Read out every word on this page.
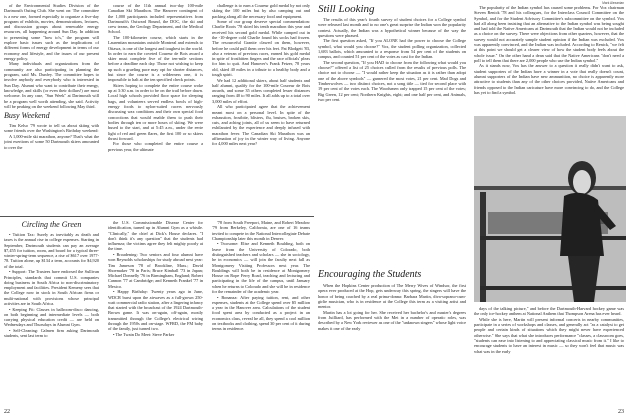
of the Environmental Studies Division of the Dartmouth Outing Club. She went on: The committee is a new one, formed especially to organize a five-day program of exhibits, movies, demonstrations, lectures, and discussion groups about renewable energy resources, all happening around Sun Day. In addition to presenting some "how to's," the program will explore basic issues such as the implications of different forms of energy development in terms of our economy and lifestyle, and the issues of our present energy policy.

Many individuals and organizations from the community are also participating in planning the program, said Ms. Dunfey. The committee hopes to involve anybody and everybody who is interested in Sun Day. Alumni who want to contribute their energy, knowledge, and skills (or even their dollars!) are most welcome. In any case, "Sun Week" at Dartmouth will be a program well worth attending, she said. Activity will be peaking on the weekend following May third.

Busy Weekend

Tim Kelso '79 wrote to tell us about skiing with some friends over the Washington's Birthday weekend:

A 1,000-mile ski marathon, anyone? That's what the joint exertions of some 50 Dartmouth skiers amounted to over the

course of the 11th annual two-day 100-mile Canadian Ski Marathon. The Hanover contingent of the 1,000 participants included representatives from Dartmouth's Outward Bound, the DOC, the ski and crew teams, the Geology Department, and the Medical School.

The 100-kilometer course, which starts in the Laurentian mountains outside Montreal and extends to Ottawa, is one of the longest and toughest in the world. In order to earn the coveted Coureur de Bois award a skier must complete five of the ten-mile sections before a deadline each day. Those not wishing to keep up such a grueling pace may opt for shorter distances, but since the course is a wilderness one, it is impossible to halt at the ten specified check points.

Skiers hoping to complete the entire course woke up at 3:30 a.m. in order to be on the trail before dawn. Local high schools provided floor space for sleeping bags, and volunteers served endless bowls of high-energy foods to nylon-suited racers nervously discussing wax conditions and their own special food concoctions that would enable them to push their bodies through ten or more hours of skiing. We were bused to the start, and at 5:45 a.m., under the eerie light of red and green flares, the first 100 or so skiers thrust forward.

For those who completed the entire course a previous year, the ultimate

challenge is to earn a Coureur gold medal by not only skiing the 100 miles but by also camping out and packing along all the necessary food and equipment.

Some of our group deserve special commendation: Charlie Roots '78 skied his tenth marathon this year and received his second gold medal. While camped out in the -10-degree cold Charlie found his socks had frozen. The resourceful Granite clawed on them, however, before he could pull them over his feet. Pat Blodgett '83, also a veteran of previous races, earned his gold medal in spite of frostbitten fingers and the race officials' pleas for him to quit. And Hanover's Frank Fetzer, 78 years old, skied 40 miles in a tribute to a healthy body and a tough spirit.

We had 12 additional skiers, about half students and half alumni, qualify for the 100-mile Coureur de Bois awards, and some 35 others completed lesser distances ranging from 40 to 90 miles. It all adds up to a total over 3,000 miles of effort.

All who participated agree that the achievement meant most on a personal level. In spite of the exhaustion, frostbite, blisters, flu, bruises, broken skis, cuts, and aching joints, all of us seem to have returned exhilarated by the experience and deeply infused with marathon fever. The Canadian Ski Marathon was an affirmation of joy in the winter way of living. Anyone for 4,000 miles next year?

Circling the Green

• Tuition Tax: Surely as inevitably as death and taxes is the annual rise in college expenses. Starting in September, Dartmouth students can pay an average $7,455 for tuition, room, and board for a typical three-winter-spring-term sequence, a rise of $617 over 1977-78. Tuition alone, up $134 a term, accounts for $4,920 of the total.

• Support: The Trustees have endorsed the Sullivan Principles, standards that commit U.S. companies doing business in South Africa to non-discriminatory employment and facilities. President Kemeny sees that the College now in stock in South African firms or multi-national with provisions whose principal activities are in South Africa.

• Keeping Fit: Classes in ballroom-disco dancing, on both beginning and intermediate levels — both carrying physical education credit — are held on Wednesdays and Thursdays in Alumni Gym.

• Self-Cleaning: Calmen firm asking Dartmouth students, sent last term to

the U.S. Commissionable Disease Center for identification, turned up in Alumni Gym as a whistle. "Clinically," the chief at Dick's House declares. "I don't think it's any question" that the students had influenza; the victims agree they felt mighty poorly at the time.

• Broadening: Two seniors and four alumni have won Reynolds scholarships for study abroad next year: Tim Jameson '78 of Brookline, Mass.; David Shoemaker '78 in Paris; Bruce Kimball '73 in Japan; Michael Donnelly '76 in Birmingham, England; Robert Cannon '77 at Cambridge; and Kenneth Frankel '77 in Mexico.

• Happy Birthday: Twenty years ago in June, WDCR burst upon the airwaves as a full-grown 250-watt commercial radio station, after a lingering infancy that started with the broadcast of the 1924 Dartmouth-Brown game. It was on-again, off-again, mostly transmitted through the College's electrical wiring through the 1950s and on-stage. WFRD, the FM baby of the family, just turned two.

• The Twain Do Meet: Steve Parker

'78 from South Freeport, Maine, and Robert Meadow '79 from Berkeley, California, are one of 16 teams invited to compete in the National Intercollegiate Debate Championship later this month in Denver.

• Twosome: Elise and Kenneth Boulding, both on leave from the University of Colorado, both distinguished teachers and scholars — she in sociology, he in economics — will join the faculty next fall as Montgomery Visiting Professors next year. The Bouldings will both be in residence at Montgomery House on Rope Ferry Road, teaching and lecturing and participating in the life of the campus, until January when he returns to Colorado and she will be in residence for the remainder of the academic year.

• Bonanza: After paying tuition, rent, and other expenses, students at the College spend over $5 million a year in the Hanover area. Calculations of the student food spent area by conducted as a project in an economics class, reveal he all, they spend a cool million on textbooks and clothing, spend 30 per cent of it during terms in residence.

22
Mark Alexanian
Still Looking

The results of this year's fourth survey of student choices for a College symbol were released last month and to no one's great surprise the Indian won the popularity contest. Actually, the Indian was a hypothetical winner because of the way the questions were phrased.

The first question asked, "If you ALONE had the power to choose the College symbol, what would you choose?" Vox, the student polling organization, collected 1,683 ballots, which amounted to a response from 54 per cent of the students on campus, and counted 51 per cent of the votes as cast for the Indian.

The second question, "If you HAD to choose from the following what would you choose?" offered a list of 25 choices culled from the results of previous polls. The choice not to choose — "I would rather keep the situation as it is rather than adopt one of the above symbols" — garnered the most votes, 21 per cent. Mad Dogs and Timberwolves — two distinct choices, not a song title — tied for second place with 19 per cent of the votes each. The Woodsmen only trapped 15 per cent of the votes; Big Green, 12 per cent; Northern Knights, eight; and one half per cent, and Animals, two per cent.

The popularity of the Indian symbol has caused some problems. For Vox chairman Steven Renick '78 and his colleagues, for the Interclass Council Committee on the Symbol, and for the Student Advisory Committee's subcommittee on the symbol. Vox had all along been insisting that an alternative to the Indian symbol was being sought and had told the Native Americans at Dartmouth that the Indian would not be included as a choice on the survey. There were objections from other quarters, however, that the survey would not accurately sample student opinion if the Indian was excluded. Vox was apparently convinced, and the Indian was included. According to Renick, "we felt at this point we should get a clearer view of how the student body feels about the whole issue." On the other hand a dean said that the Native Americans "don't need a poll to tell them that there are 2,000 people who use the Indian symbol."

As it stands now, Vox has the answer to a question it really didn't want to ask, student supporters of the Indian have a winner in a vote that really doesn't count, alumni supporters of the Indian have new ammunition, no choice is apparently more attractive to students than any of the other choices provided, Native Americans and friends opposed to the Indian caricature have more convincing to do, and the College has yet to find a symbol.

Encouraging the Students

When the Hopkins Center production of The Merry Wives of Windsor, the first opera ever produced at the Hop, gets underway this spring, the singers will have the honor of being coached by a real prima-donna: Barbara Martin, diva-soprano-cum-girlie musician, who is in residence at the College this term as a visiting artist and mentor.

Martin has a lot going for her. She received her bachelor's and master's degrees from Juilliard, has performed with the Met in a number of operatic roles, was described by a New York reviewer as one of the "unknown singers" whose light voice makes it one of the early

days of the talking picture," and before the Dartmouth-Harvard hockey game was the only ice-hockey anthem at National Anthem that Thompson Arena has ever heard.

While she is here, Martin will present informal concerts in nearby communities, participate in a series of workshops and classes, and generally act "as a catalyst to get people and certain kinds of situations which they might never have experienced otherwise." She says that what she introduces performance "classes, a classroom goes, "students can ease into listening to and appreciating classical music from it." I like to encourage students to have an interest in music — so they won't feel that music was what was in the early

23
